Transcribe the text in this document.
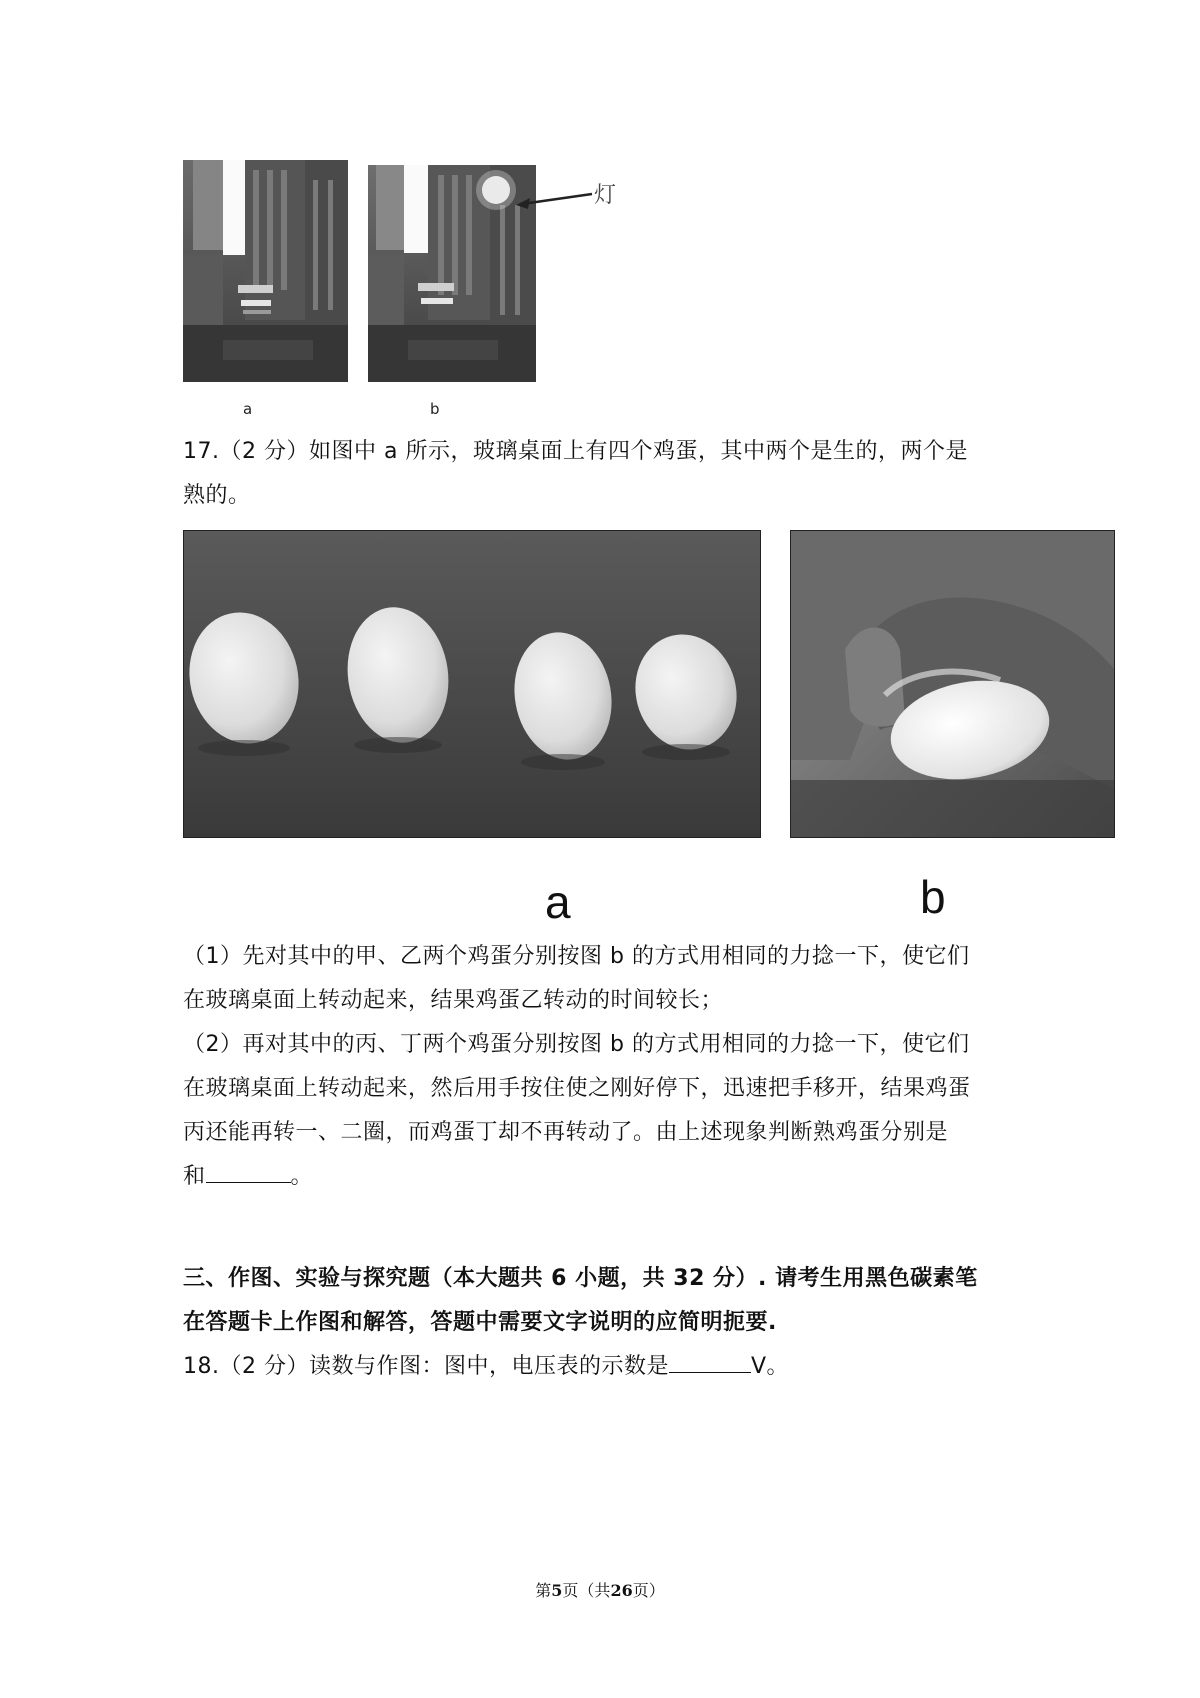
灯
a	b
17.（2 分）如图中 a 所示，玻璃桌面上有四个鸡蛋，其中两个是生的，两个是
熟的。
a	b
（1）先对其中的甲、乙两个鸡蛋分别按图 b 的方式用相同的力捻一下，使它们
在玻璃桌面上转动起来，结果鸡蛋乙转动的时间较长；
（2）再对其中的丙、丁两个鸡蛋分别按图 b 的方式用相同的力捻一下，使它们
在玻璃桌面上转动起来，然后用手按住使之刚好停下，迅速把手移开，结果鸡蛋
丙还能再转一、二圈，而鸡蛋丁却不再转动了。由上述现象判断熟鸡蛋分别是
和	。
三、作图、实验与探究题（本大题共 6 小题，共 32 分）. 请考生用黑色碳素笔
在答题卡上作图和解答，答题中需要文字说明的应简明扼要.
18.（2 分）读数与作图：图中，电压表的示数是	V。
第5页（共26页）
